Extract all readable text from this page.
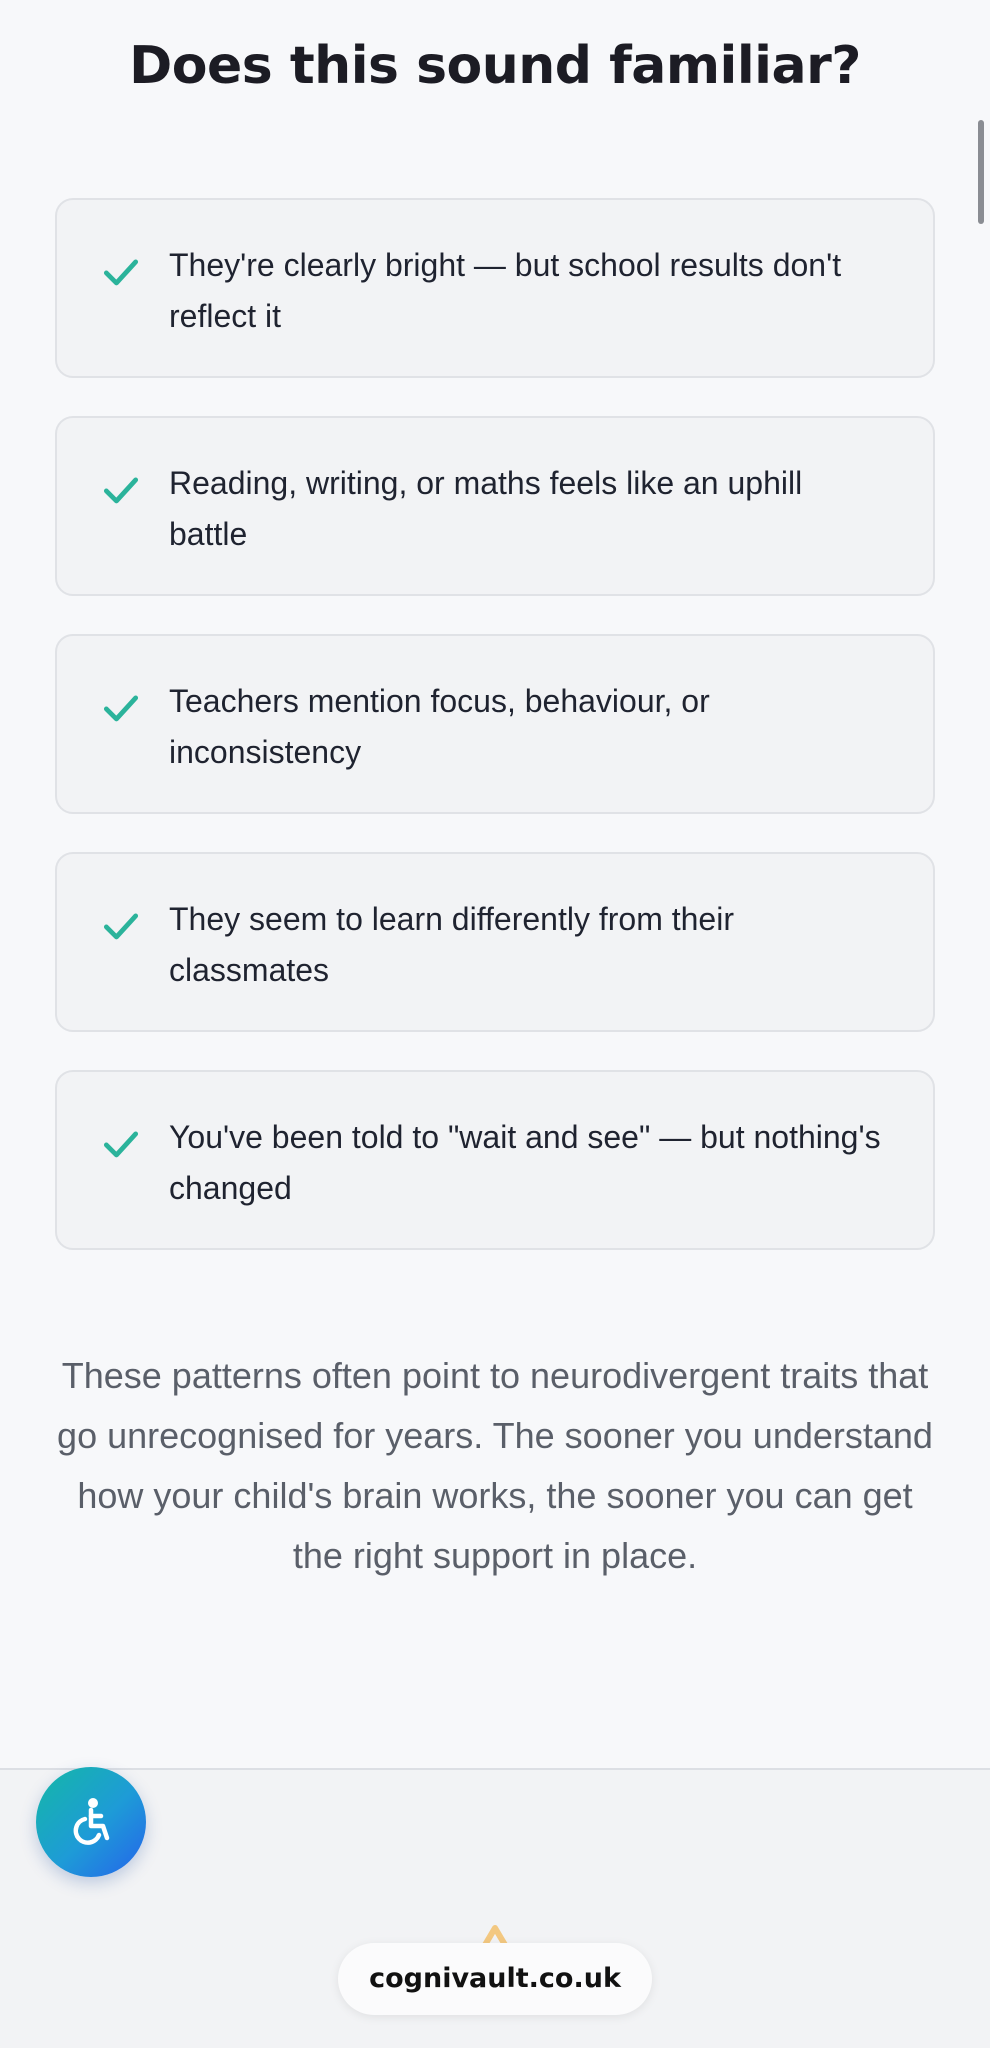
Does this sound familiar?

They're clearly bright — but school results don't reflect it

Reading, writing, or maths feels like an uphill battle

Teachers mention focus, behaviour, or inconsistency

They seem to learn differently from their classmates

You've been told to "wait and see" — but nothing's changed

These patterns often point to neurodivergent traits that go unrecognised for years. The sooner you understand how your child's brain works, the sooner you can get the right support in place.

cognivault.co.uk
